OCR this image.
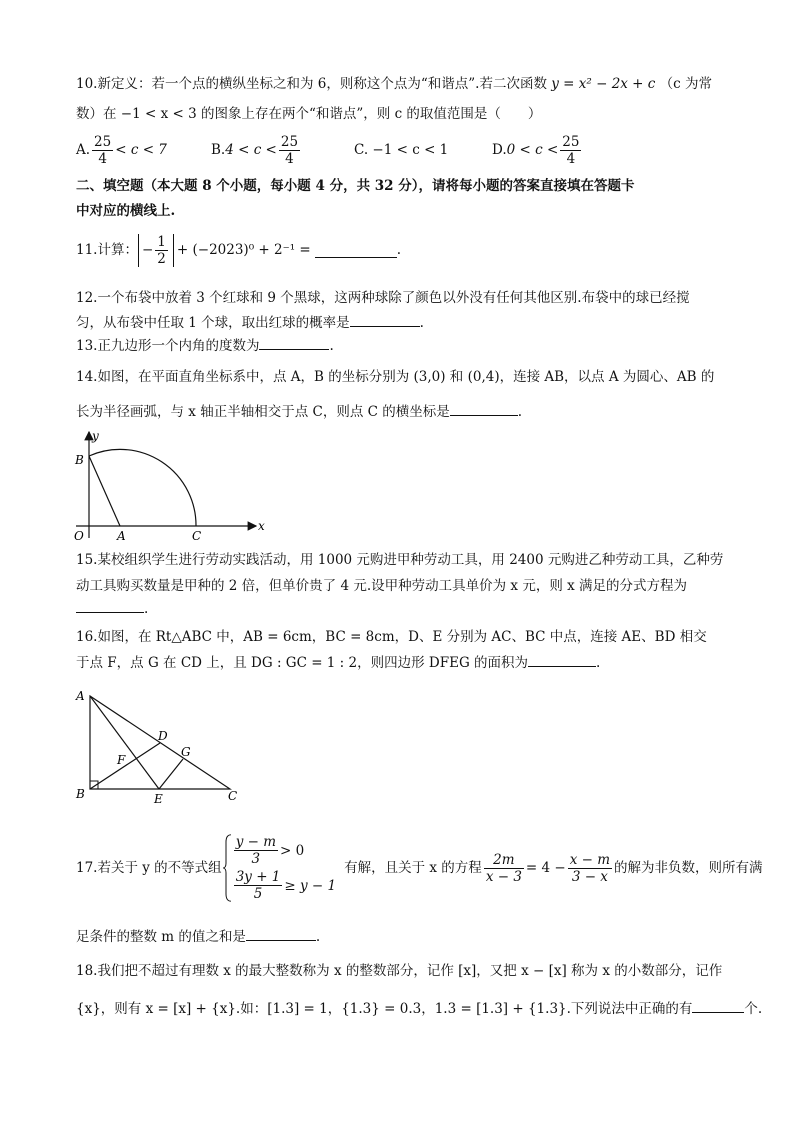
10.新定义：若一个点的横纵坐标之和为 6，则称这个点为“和谐点”.若二次函数 y = x² − 2x + c （c 为常
数）在 −1 < x < 3 的图象上存在两个“和谐点”，则 c 的取值范围是（　　）
A. $\frac{25}{4} < c < 7$	B. $4 < c < \frac{25}{4}$	C. −1 < c < 1	D. $0 < c < \frac{25}{4}$
二、填空题（本大题 8 个小题，每小题 4 分，共 32 分），请将每小题的答案直接填在答题卡
中对应的横线上.
11.计算： − $\frac{1}{2} + (-2023)^0 + 2^{-1}$ =	.
12.一个布袋中放着 3 个红球和 9 个黑球，这两种球除了颜色以外没有任何其他区别.布袋中的球已经搅
匀，从布袋中任取 1 个球，取出红球的概率是	.
13.正九边形一个内角的度数为	.
14.如图，在平面直角坐标系中，点 A，B 的坐标分别为 (3,0) 和 (0,4)，连接 AB，以点 A 为圆心、AB 的
长为半径画弧，与 x 轴正半轴相交于点 C，则点 C 的横坐标是	.
y
x
O	A
B
C
15.某校组织学生进行劳动实践活动，用 1000 元购进甲种劳动工具，用 2400 元购进乙种劳动工具，乙种劳
动工具购买数量是甲种的 2 倍，但单价贵了 4 元.设甲种劳动工具单价为 x 元，则 x 满足的分式方程为
.
16.如图，在 Rt△ABC 中，AB = 6cm，BC = 8cm，D、E 分别为 AC、BC 中点，连接 AE、BD 相交
于点 F，点 G 在 CD 上，且 DG : GC = 1 : 2，则四边形 DFEG 的面积为	.
A
B	C
D
E
F
G
17.若关于 y 的不等式组
$\frac{y - m}{3} > 0$
$\frac{3y + 1}{5} \ge y - 1$
有解，且关于 x 的方程 $\frac{2m}{x - 3} = 4 - \frac{x - m}{3 - x}$ 的解为非负数，则所有满
足条件的整数 m 的值之和是	.
18.我们把不超过有理数 x 的最大整数称为 x 的整数部分，记作 [x]，又把 x − [x] 称为 x 的小数部分，记作
{x}，则有 x = [x] + {x}.如：[1.3] = 1，{1.3} = 0.3，1.3 = [1.3] + {1.3}.下列说法中正确的有	个.
